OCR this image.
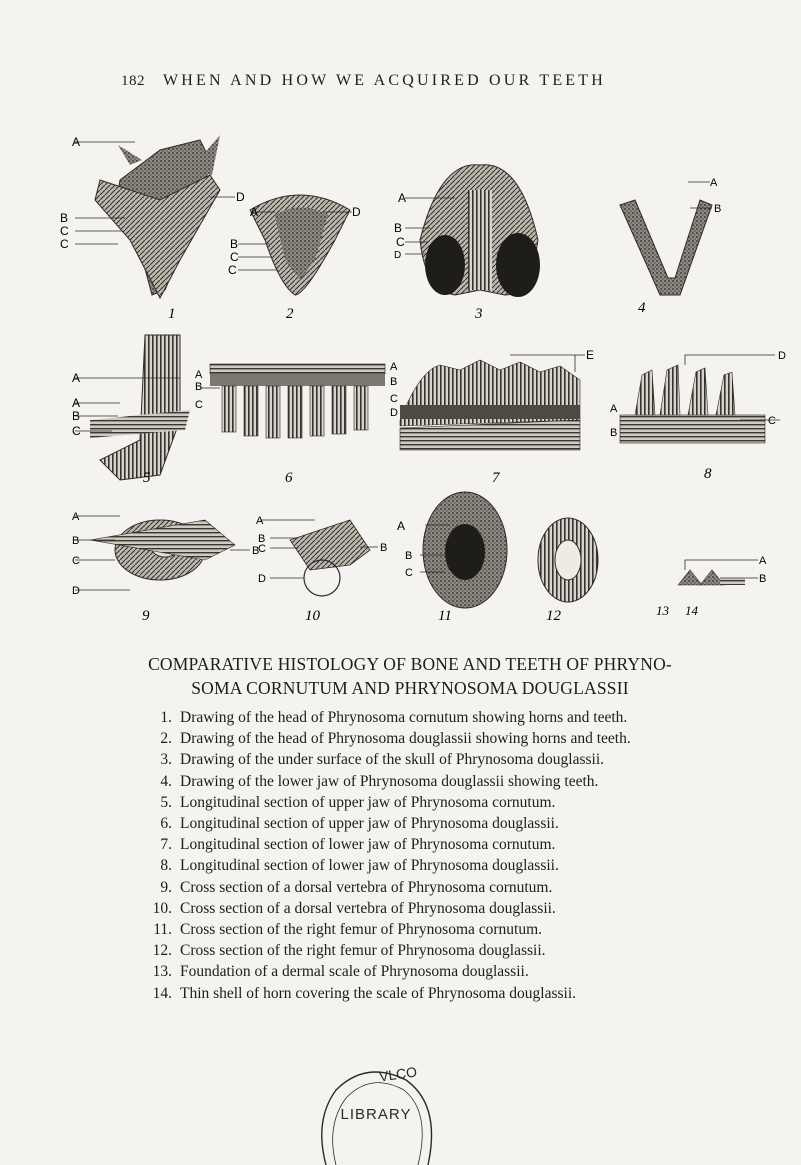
182 WHEN AND HOW WE ACQUIRED OUR TEETH
A
B
C
C
D
1
A	D
B
C
C
2
A
B
C
D
3
A
B
4
A
A
B
C
5
A
B
C
6
E
A
B
C
D
7
D
A
B
C
8
A
B
C
D
B
9
A
B
C
D
B
10
A
B
C
11	12
A
B
13 14
COMPARATIVE HISTOLOGY OF BONE AND TEETH OF PHRYNO-
SOMA CORNUTUM AND PHRYNOSOMA DOUGLASSII
1. Drawing of the head of Phrynosoma cornutum showing horns and teeth.
2. Drawing of the head of Phrynosoma douglassii showing horns and teeth.
3. Drawing of the under surface of the skull of Phrynosoma douglassii.
4. Drawing of the lower jaw of Phrynosoma douglassii showing teeth.
5. Longitudinal section of upper jaw of Phrynosoma cornutum.
6. Longitudinal section of upper jaw of Phrynosoma douglassii.
7. Longitudinal section of lower jaw of Phrynosoma cornutum.
8. Longitudinal section of lower jaw of Phrynosoma douglassii.
9. Cross section of a dorsal vertebra of Phrynosoma cornutum.
10. Cross section of a dorsal vertebra of Phrynosoma douglassii.
11. Cross section of the right femur of Phrynosoma cornutum.
12. Cross section of the right femur of Phrynosoma douglassii.
13. Foundation of a dermal scale of Phrynosoma douglassii.
14. Thin shell of horn covering the scale of Phrynosoma douglassii.
VLCO
LIBRARY
